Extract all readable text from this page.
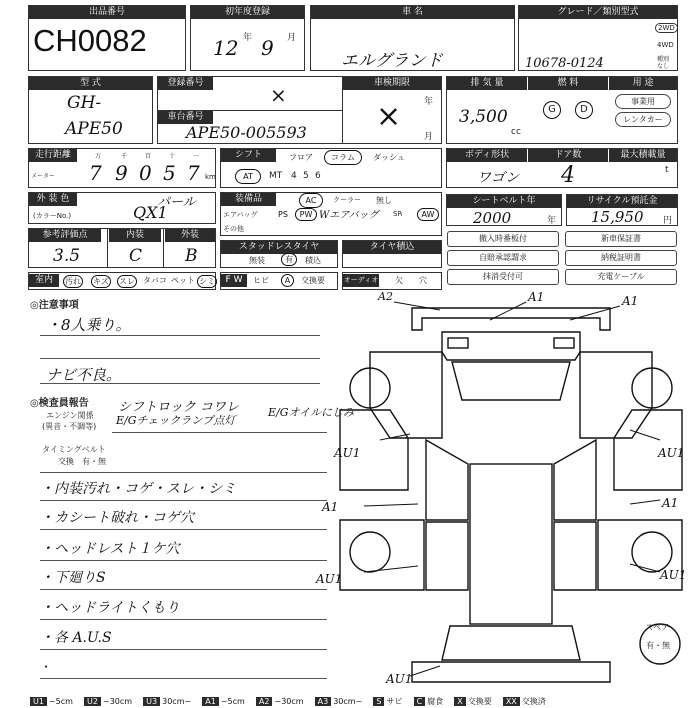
出品番号
CH0082
初年度登録
12 年 9 月
車 名
エルグランド
グレード／類別型式
10678-0124
2WD
4WD
種別なし
型 式
GH-
APE50
登録番号	×	車検期限
×	年
月
車台番号
APE50-005593
排 気 量
3,500
cc
燃 料
G	D
用 途
事業用
レンタカー
走行距離
メーター 7 9 0 5 7
万	千	百	十	一
km
シフト	フロア	コラム	ダッシュ
AT	MT 4 5 6
ボディ形状
ワゴン
ドア数
4
最大積載量
t
外 装 色	パール
(カラーNo.)	QX1
装備品	AC	クーラー 無し
エアバッグ	PS	PW Wエアバッグ SR	AW
その他
シートベルト年
2000	年
リサイクル預託金
15,950 円
参考評価点
3.5
内装
C
外装
B	スタッドレスタイヤ
無装	有	積込
タイヤ積込
撤入時番板付	新車保証書
自賠承認謂求	納税証明書
抹消受付可	充電ケーブル
室内	汚れ キズ スレ タバコ ペット シミ	F W	ヒビ	A	交換要	オーディオ 欠 穴
◎注意事項
・8人乗り。
ナビ不良。
◎検査員報告
エンジン関係
(異音・不調等)
シフトロック コワレ
E/Gチェックランプ点灯
E/Gオイルにじみ
タイミングベルト
交換　有・無
・内装汚れ・コゲ・スレ・シミ
・カシート破れ・コゲ穴
・ヘッドレスト１ケ穴
・下廻りS
・ヘッドライトくもり
・各 A.U.S
・
A2	A1	A1
AU1	AU1
A1	A1
AU1	AU1
AU1
スペア
有・無
U1 ~5cm U2 ~30cm U3 30cm~ A1 ~5cm A2 ~30cm A3 30cm~ S サビ C 腐食 X 交換要 XX 交換済
